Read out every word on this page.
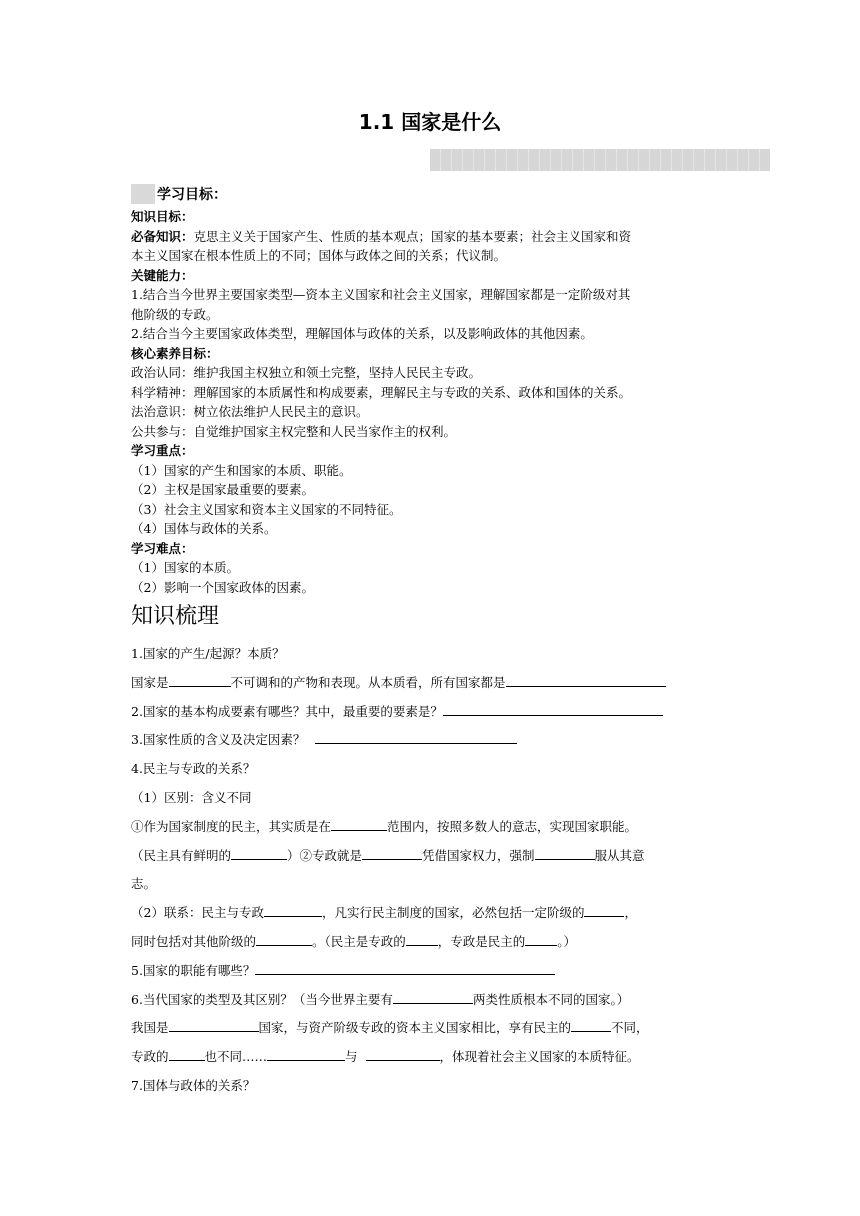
1.1 国家是什么
学习目标：

知识目标：

必备知识：克思主义关于国家产生、性质的基本观点；国家的基本要素；社会主义国家和资

本主义国家在根本性质上的不同；国体与政体之间的关系；代议制。

关键能力：

1.结合当今世界主要国家类型—资本主义国家和社会主义国家，理解国家都是一定阶级对其

他阶级的专政。

2.结合当今主要国家政体类型，理解国体与政体的关系，以及影响政体的其他因素。

核心素养目标：

政治认同：维护我国主权独立和领土完整，坚持人民民主专政。

科学精神：理解国家的本质属性和构成要素，理解民主与专政的关系、政体和国体的关系。

法治意识：树立依法维护人民民主的意识。

公共参与：自觉维护国家主权完整和人民当家作主的权利。

学习重点：

（1）国家的产生和国家的本质、职能。

（2）主权是国家最重要的要素。

（3）社会主义国家和资本主义国家的不同特征。

（4）国体与政体的关系。

学习难点：

（1）国家的本质。

（2）影响一个国家政体的因素。

知识梳理

1.国家的产生/起源？本质？

国家是	不可调和的产物和表现。从本质看，所有国家都是

2.国家的基本构成要素有哪些？其中，最重要的要素是？

3.国家性质的含义及决定因素？

4.民主与专政的关系？

（1）区别：含义不同

①作为国家制度的民主，其实质是在	范围内，按照多数人的意志，实现国家职能。

（民主具有鲜明的	）②专政就是	凭借国家权力，强制	服从其意

志。

（2）联系：民主与专政	，凡实行民主制度的国家，必然包括一定阶级的	，

同时包括对其他阶级的	。（民主是专政的	，专政是民主的	。）

5.国家的职能有哪些？

6.当代国家的类型及其区别？（当今世界主要有	两类性质根本不同的国家。）

我国是	国家，与资产阶级专政的资本主义国家相比，享有民主的	不同，

专政的	也不同……	与	，体现着社会主义国家的本质特征。

7.国体与政体的关系？
